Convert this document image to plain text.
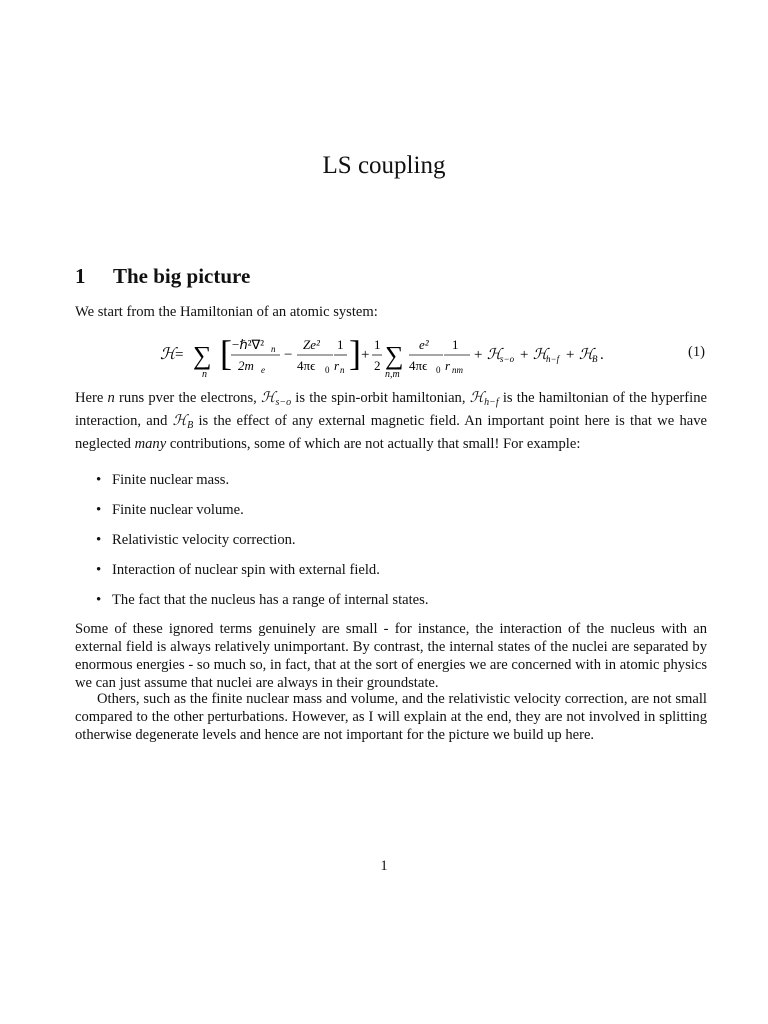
LS coupling
1 The big picture
We start from the Hamiltonian of an atomic system:
ℋ = ∑
n
[ −ℏ²∇² n
2m e
−
Ze²
4πϵ 0
1
r n ] +
1
2 ∑
n,m
e²
4πϵ 0
1
r nm
+ ℋ
s−o + ℋ
h−f + ℋ
B .	(1)
Here n runs pver the electrons, ℋ$_{s-o}$ is the spin-orbit hamiltonian, ℋ$_{h-f}$ is the hamiltonian of the hyperfine interaction, and ℋ$_B$ is the effect of any external magnetic field. An important point here is that we have neglected many contributions, some of which are not actually that small! For example:
• Finite nuclear mass.
• Finite nuclear volume.
• Relativistic velocity correction.
• Interaction of nuclear spin with external field.
• The fact that the nucleus has a range of internal states.
Some of these ignored terms genuinely are small - for instance, the interaction of the nucleus with an external field is always relatively unimportant. By contrast, the internal states of the nuclei are separated by enormous energies - so much so, in fact, that at the sort of energies we are concerned with in atomic physics we can just assume that nuclei are always in their groundstate.
Others, such as the finite nuclear mass and volume, and the relativistic velocity correction, are not small compared to the other perturbations. However, as I will explain at the end, they are not involved in splitting otherwise degenerate levels and hence are not important for the picture we build up here.
1
